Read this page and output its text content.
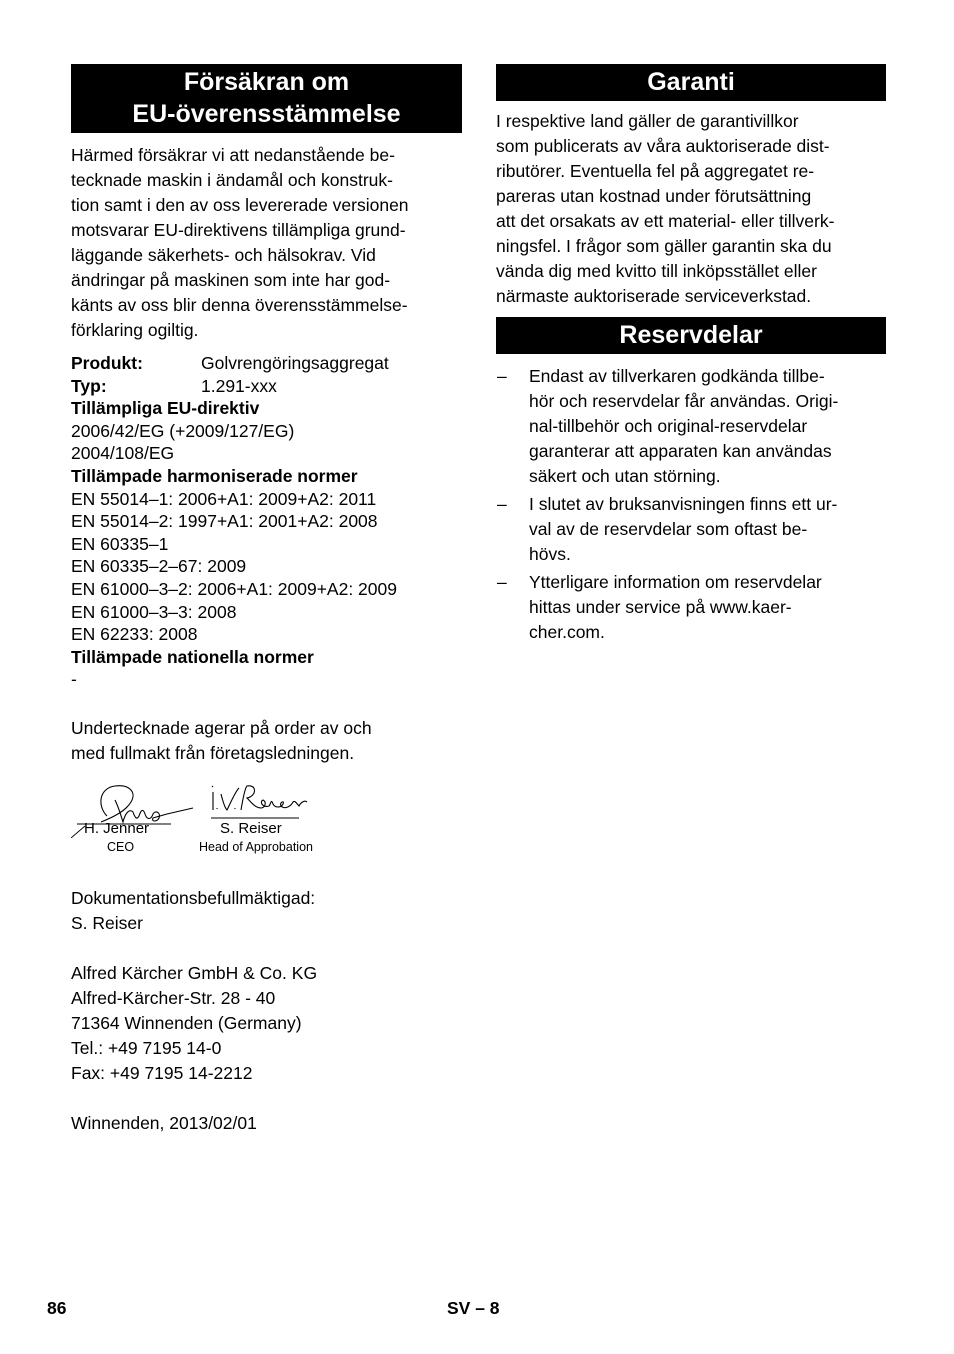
Försäkran om
EU-överensstämmelse

Härmed försäkrar vi att nedanstående be-
tecknade maskin i ändamål och konstruk-
tion samt i den av oss levererade versionen
motsvarar EU-direktivens tillämpliga grund-
läggande säkerhets- och hälsokrav. Vid
ändringar på maskinen som inte har god-
känts av oss blir denna överensstämmelse-
förklaring ogiltig.

Produkt:	Golvrengöringsaggregat
Typ:	1.291-xxx
Tillämpliga EU-direktiv
2006/42/EG (+2009/127/EG)
2004/108/EG
Tillämpade harmoniserade normer
EN 55014–1: 2006+A1: 2009+A2: 2011
EN 55014–2: 1997+A1: 2001+A2: 2008
EN 60335–1
EN 60335–2–67: 2009
EN 61000–3–2: 2006+A1: 2009+A2: 2009
EN 61000–3–3: 2008
EN 62233: 2008
Tillämpade nationella normer
-

Undertecknade agerar på order av och
med fullmakt från företagsledningen.

H. Jenner
CEO
S. Reiser
Head of Approbation

Dokumentationsbefullmäktigad:
S. Reiser

Alfred Kärcher GmbH & Co. KG
Alfred-Kärcher-Str. 28 - 40
71364 Winnenden (Germany)
Tel.: +49 7195 14-0
Fax: +49 7195 14-2212

Winnenden, 2013/02/01

Garanti

I respektive land gäller de garantivillkor
som publicerats av våra auktoriserade dist-
ributörer. Eventuella fel på aggregatet re-
pareras utan kostnad under förutsättning
att det orsakats av ett material- eller tillverk-
ningsfel. I frågor som gäller garantin ska du
vända dig med kvitto till inköpsstället eller
närmaste auktoriserade serviceverkstad.

Reservdelar
– Endast av tillverkaren godkända tillbe-
hör och reservdelar får användas. Origi-
nal-tillbehör och original-reservdelar
garanterar att apparaten kan användas
säkert och utan störning.
– I slutet av bruksanvisningen finns ett ur-
val av de reservdelar som oftast be-
hövs.
– Ytterligare information om reservdelar
hittas under service på www.kaer-
cher.com.
86	SV – 8
